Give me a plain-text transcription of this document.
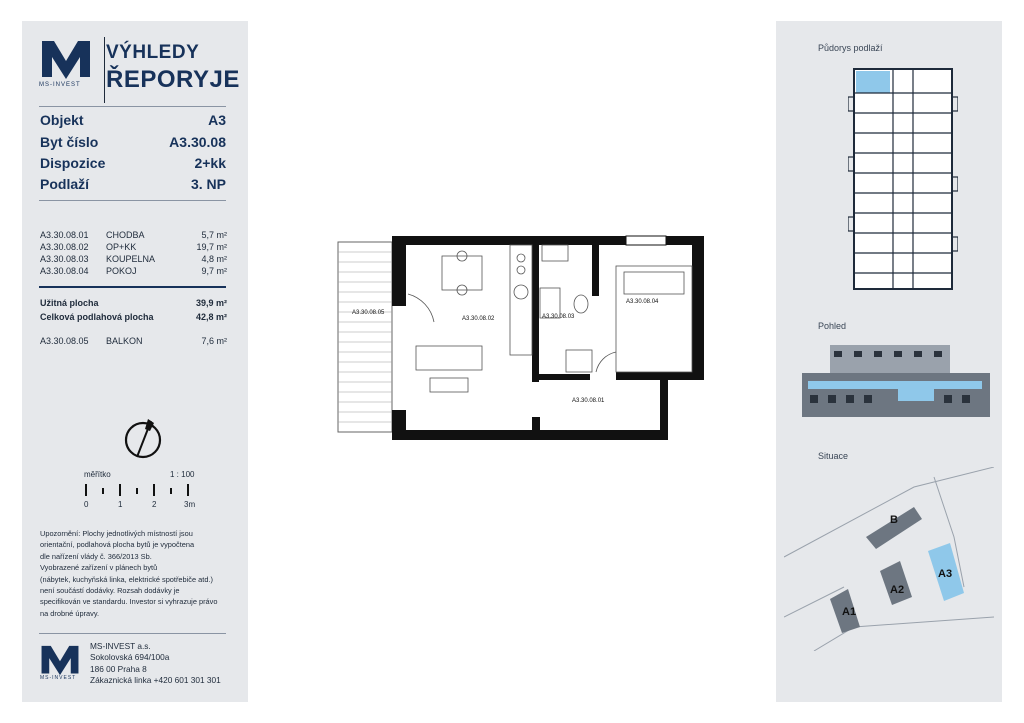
MS-INVEST
VÝHLEDY
ŘEPORYJE
Objekt	A3
Byt číslo	A3.30.08
Dispozice	2+kk
Podlaží	3. NP
A3.30.08.01	CHODBA	5,7 m²
A3.30.08.02	OP+KK	19,7 m²
A3.30.08.03	KOUPELNA	4,8 m²
A3.30.08.04	POKOJ	9,7 m²
Užitná plocha	39,9 m²
Celková podlahová plocha	42,8 m²
A3.30.08.05	BALKON	7,6 m²
měřítko	1 : 100
0	1	2	3m
Upozornění: Plochy jednotlivých místností jsou
orientační, podlahová plocha bytů je vypočtena
dle nařízení vlády č. 366/2013 Sb.
Vyobrazené zařízení v plánech bytů
(nábytek, kuchyňská linka, elektrické spotřebiče atd.)
není součástí dodávky. Rozsah dodávky je
specifikován ve standardu. Investor si vyhrazuje právo
na drobné úpravy.
MS-INVEST
MS-INVEST a.s.
Sokolovská 694/100a
186 00 Praha 8
Zákaznická linka +420 601 301 301
A3.30.08.05
A3.30.08.02	A3.30.08.03
A3.30.08.04
A3.30.08.01
Půdorys podlaží
Pohled
Situace
B
A2
A1
A3
